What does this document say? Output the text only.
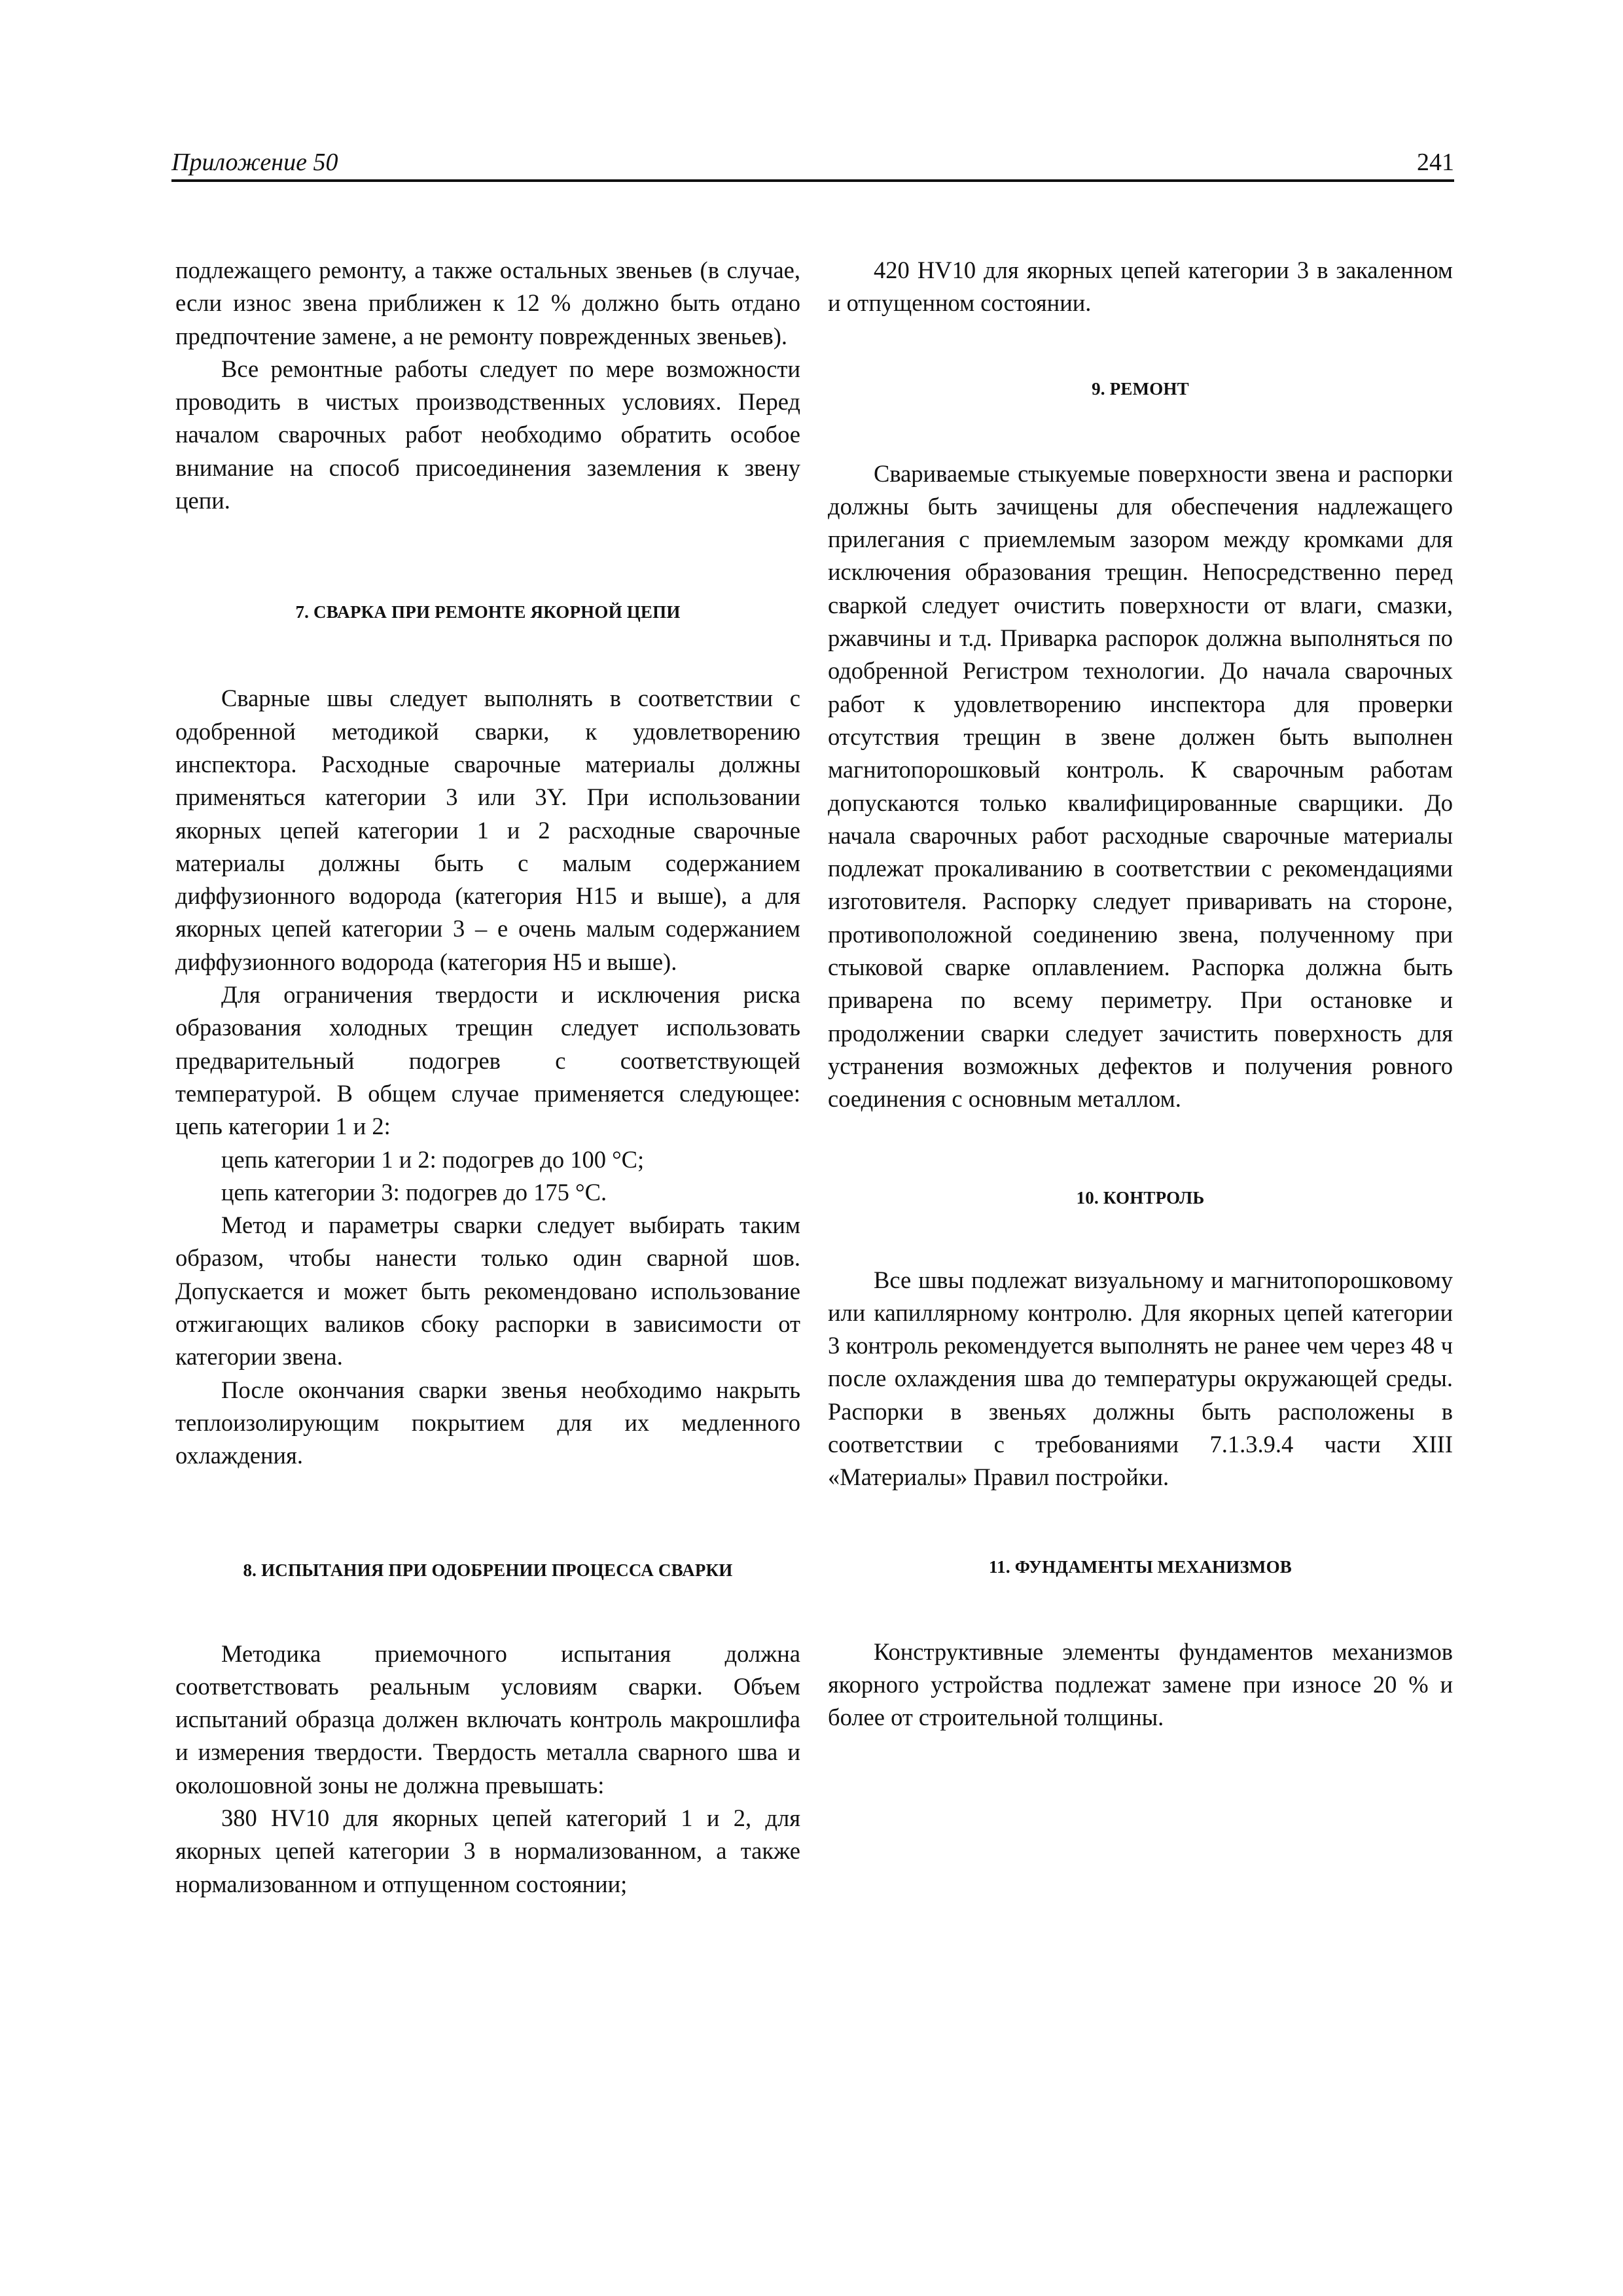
Приложение 50	241

подлежащего ремонту, а также остальных звеньев (в случае, если износ звена приближен к 12 % должно быть отдано предпочтение замене, а не ремонту поврежденных звеньев).

Все ремонтные работы следует по мере возможности проводить в чистых производственных условиях. Перед началом сварочных работ необходимо обратить особое внимание на способ присоединения заземления к звену цепи.

7. СВАРКА ПРИ РЕМОНТЕ ЯКОРНОЙ ЦЕПИ

Сварные швы следует выполнять в соответствии с одобренной методикой сварки, к удовлетворению инспектора. Расходные сварочные материалы должны применяться категории 3 или 3Y. При использовании якорных цепей категории 1 и 2 расходные сварочные материалы должны быть с малым содержанием диффузионного водорода (категория H15 и выше), а для якорных цепей категории 3 – е очень малым содержанием диффузионного водорода (категория H5 и выше).

Для ограничения твердости и исключения риска образования холодных трещин следует использовать предварительный подогрев с соответствующей температурой. В общем случае применяется следующее: цепь категории 1 и 2:

цепь категории 1 и 2: подогрев до 100 °C;

цепь категории 3: подогрев до 175 °C.

Метод и параметры сварки следует выбирать таким образом, чтобы нанести только один сварной шов. Допускается и может быть рекомендовано использование отжигающих валиков сбоку распорки в зависимости от категории звена.

После окончания сварки звенья необходимо накрыть теплоизолирующим покрытием для их медленного охлаждения.

8. ИСПЫТАНИЯ ПРИ ОДОБРЕНИИ ПРОЦЕССА СВАРКИ

Методика приемочного испытания должна соответствовать реальным условиям сварки. Объем испытаний образца должен включать контроль макрошлифа и измерения твердости. Твердость металла сварного шва и околошовной зоны не должна превышать:

380 HV10 для якорных цепей категорий 1 и 2, для якорных цепей категории 3 в нормализованном, а также нормализованном и отпущенном состоянии;

420 HV10 для якорных цепей категории 3 в закаленном и отпущенном состоянии.

9. РЕМОНТ

Свариваемые стыкуемые поверхности звена и распорки должны быть зачищены для обеспечения надлежащего прилегания с приемлемым зазором между кромками для исключения образования трещин. Непосредственно перед сваркой следует очистить поверхности от влаги, смазки, ржавчины и т.д. Приварка распорок должна выполняться по одобренной Регистром технологии. До начала сварочных работ к удовлетворению инспектора для проверки отсутствия трещин в звене должен быть выполнен магнитопорошковый контроль. К сварочным работам допускаются только квалифицированные сварщики. До начала сварочных работ расходные сварочные материалы подлежат прокаливанию в соответствии с рекомендациями изготовителя. Распорку следует приваривать на стороне, противоположной соединению звена, полученному при стыковой сварке оплавлением. Распорка должна быть приварена по всему периметру. При остановке и продолжении сварки следует зачистить поверхность для устранения возможных дефектов и получения ровного соединения с основным металлом.

10. КОНТРОЛЬ

Все швы подлежат визуальному и магнитопорошковому или капиллярному контролю. Для якорных цепей категории 3 контроль рекомендуется выполнять не ранее чем через 48 ч после охлаждения шва до температуры окружающей среды. Распорки в звеньях должны быть расположены в соответствии с требованиями 7.1.3.9.4 части XIII «Материалы» Правил постройки.

11. ФУНДАМЕНТЫ МЕХАНИЗМОВ

Конструктивные элементы фундаментов механизмов якорного устройства подлежат замене при износе 20 % и более от строительной толщины.
